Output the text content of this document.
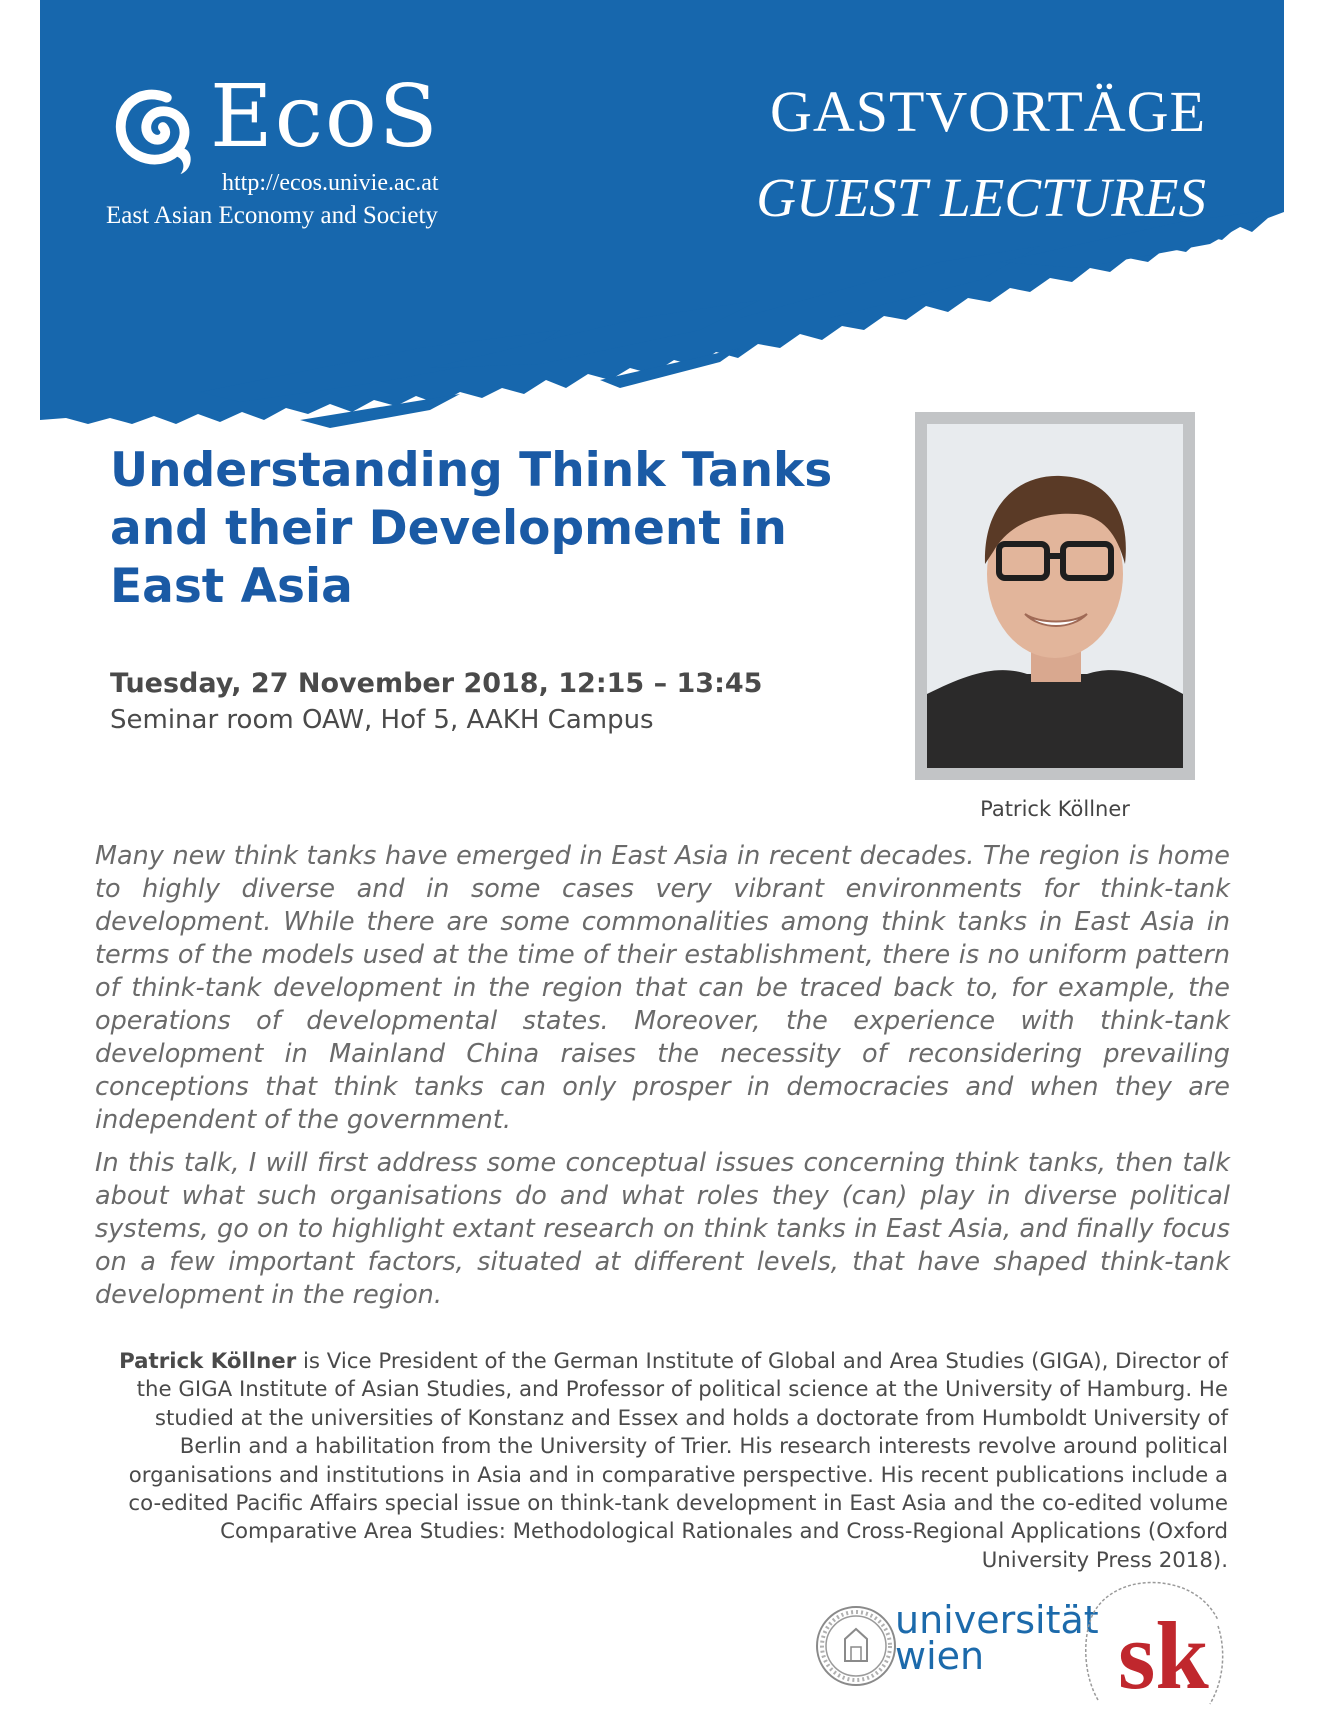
EcoS
http://ecos.univie.ac.at
East Asian Economy and Society
GASTVORTÄGE
GUEST LECTURES
Understanding Think Tanks and their Development in East Asia
Tuesday, 27 November 2018, 12:15 – 13:45
Seminar room OAW, Hof 5, AAKH Campus
Patrick Köllner

Many new think tanks have emerged in East Asia in recent decades. The region is home to highly diverse and in some cases very vibrant environments for think-tank development. While there are some commonalities among think tanks in East Asia in terms of the models used at the time of their establishment, there is no uniform pattern of think-tank development in the region that can be traced back to, for example, the operations of developmental states. Moreover, the experience with think-tank development in Mainland China raises the necessity of reconsidering prevailing conceptions that think tanks can only prosper in democracies and when they are independent of the government.

In this talk, I will first address some conceptual issues concerning think tanks, then talk about what such organisations do and what roles they (can) play in diverse political systems, go on to highlight extant research on think tanks in East Asia, and finally focus on a few important factors, situated at different levels, that have shaped think-tank development in the region.

Patrick Köllner is Vice President of the German Institute of Global and Area Studies (GIGA), Director of the GIGA Institute of Asian Studies, and Professor of political science at the University of Hamburg. He studied at the universities of Konstanz and Essex and holds a doctorate from Humboldt University of Berlin and a habilitation from the University of Trier. His research interests revolve around political organisations and institutions in Asia and in comparative perspective. His recent publications include a co-edited Pacific Affairs special issue on think-tank development in East Asia and the co-edited volume Comparative Area Studies: Methodological Rationales and Cross-Regional Applications (Oxford University Press 2018).

universität
wien	sk
